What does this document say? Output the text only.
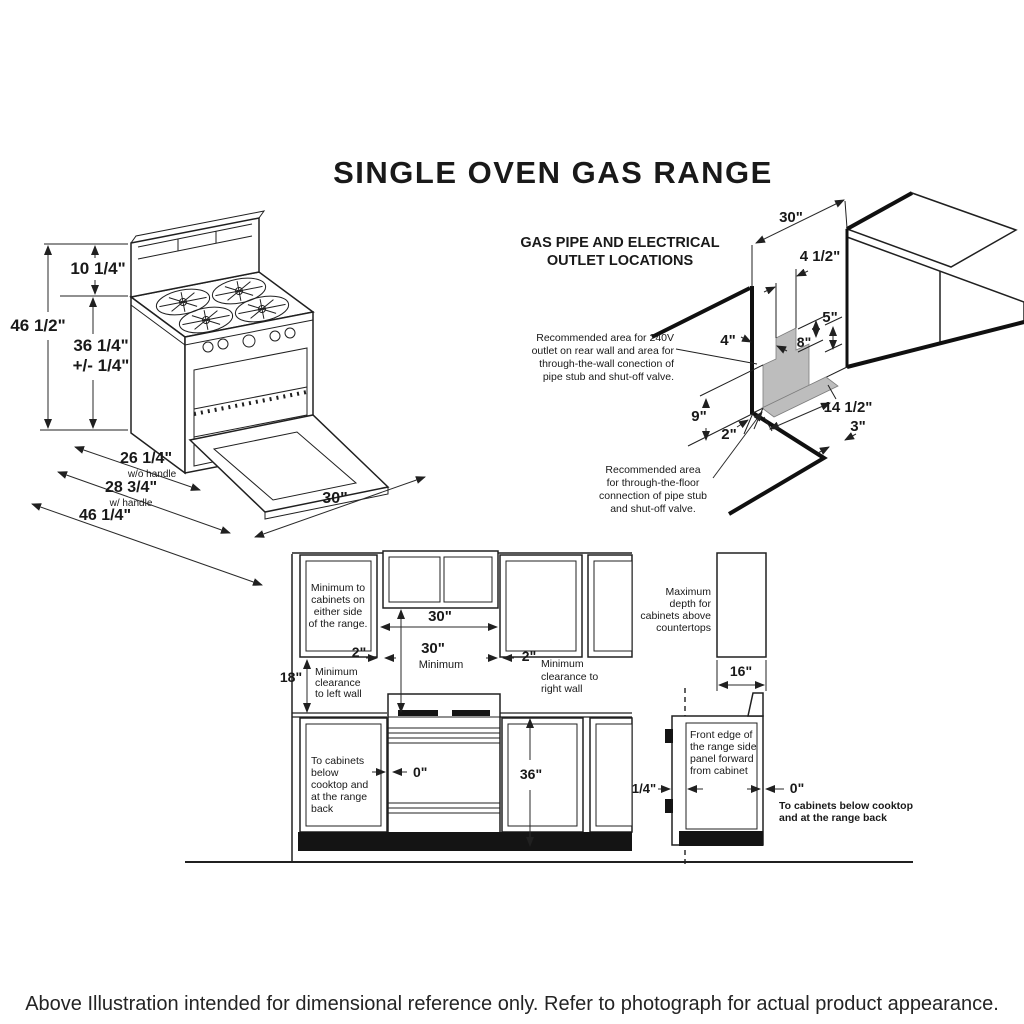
SINGLE OVEN GAS RANGE
10 1/4"
46 1/2"
36 1/4"
+/- 1/4"
26 1/4"
w/o handle
28 3/4"
w/ handle
46 1/4"
30"
GAS PIPE AND ELECTRICAL
OUTLET LOCATIONS
Recommended area for 240V
outlet on rear wall and area for
through-the-wall conection of
pipe stub and shut-off valve.
Recommended area
for through-the-floor
connection of pipe stub
and shut-off valve.
30"
4 1/2"
5"
4"	8"
9"
2"
14 1/2"
3"
Minimum to
cabinets on
either side
of the range.	30"
30"
Minimum
2"	2"
18" Minimum
clearance
to left wall
Minimum
clearance to
right wall
To cabinets
below
cooktop and
at the range
back
0"	36"
Maximum
depth for
cabinets above
countertops
16"
1/4"	0"
Front edge of
the range side
panel forward
from cabinet
To cabinets below cooktop
and at the range back
Above Illustration intended for dimensional reference only. Refer to photograph for actual product appearance.
